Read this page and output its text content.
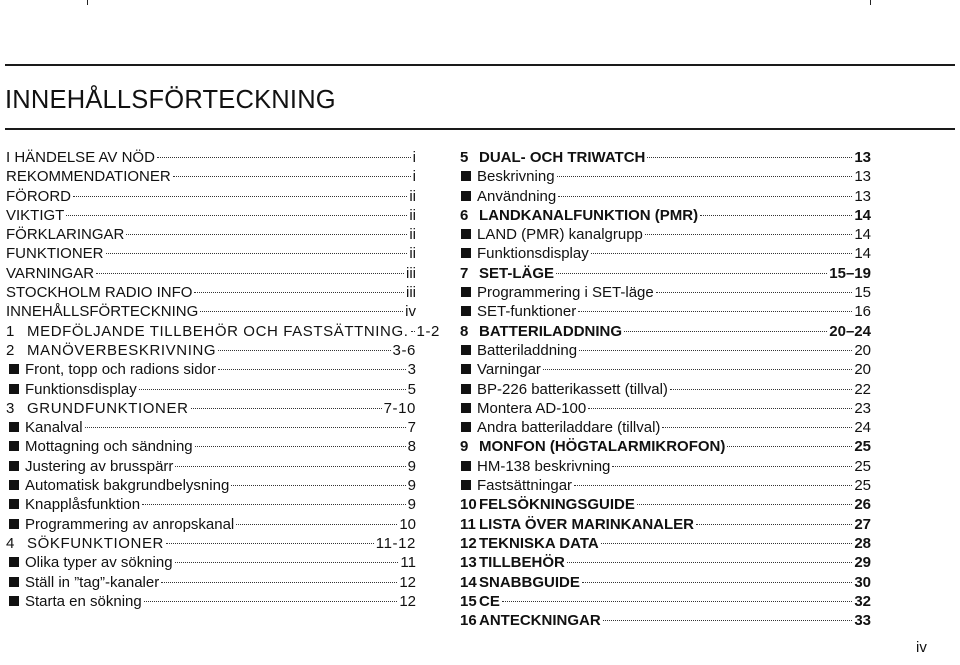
INNEHÅLLSFÖRTECKNING
I HÄNDELSE AV NÖD	i
REKOMMENDATIONER	i
FÖRORD	ii
VIKTIGT	ii
FÖRKLARINGAR	ii
FUNKTIONER	ii
VARNINGAR	iii
STOCKHOLM RADIO INFO	iii
INNEHÅLLSFÖRTECKNING	iv
1 MEDFÖLJANDE TILLBEHÖR OCH FASTSÄTTNING. 1-2
2 MANÖVERBESKRIVNING	3-6
Front, topp och radions sidor	3
Funktionsdisplay	5
3 GRUNDFUNKTIONER	7-10
Kanalval	7
Mottagning och sändning	8
Justering av brusspärr	9
Automatisk bakgrundbelysning	9
Knapplåsfunktion	9
Programmering av anropskanal	10
4 SÖKFUNKTIONER	11-12
Olika typer av sökning	11
Ställ in ”tag”-kanaler	12
Starta en sökning	12
5 DUAL- OCH TRIWATCH	13
Beskrivning	13
Användning	13
6 LANDKANALFUNKTION (PMR)	14
LAND (PMR) kanalgrupp	14
Funktionsdisplay	14
7 SET-LÄGE	15–19
Programmering i SET-läge	15
SET-funktioner	16
8 BATTERILADDNING	20–24
Batteriladdning	20
Varningar	20
BP-226 batterikassett (tillval)	22
Montera AD-100	23
Andra batteriladdare (tillval)	24
9 MONFON (HÖGTALARMIKROFON)	25
HM-138 beskrivning	25
Fastsättningar	25
10 FELSÖKNINGSGUIDE	26
11 LISTA ÖVER MARINKANALER	27
12 TEKNISKA DATA	28
13 TILLBEHÖR	29
14 SNABBGUIDE	30
15 CE	32
16 ANTECKNINGAR	33

iv
